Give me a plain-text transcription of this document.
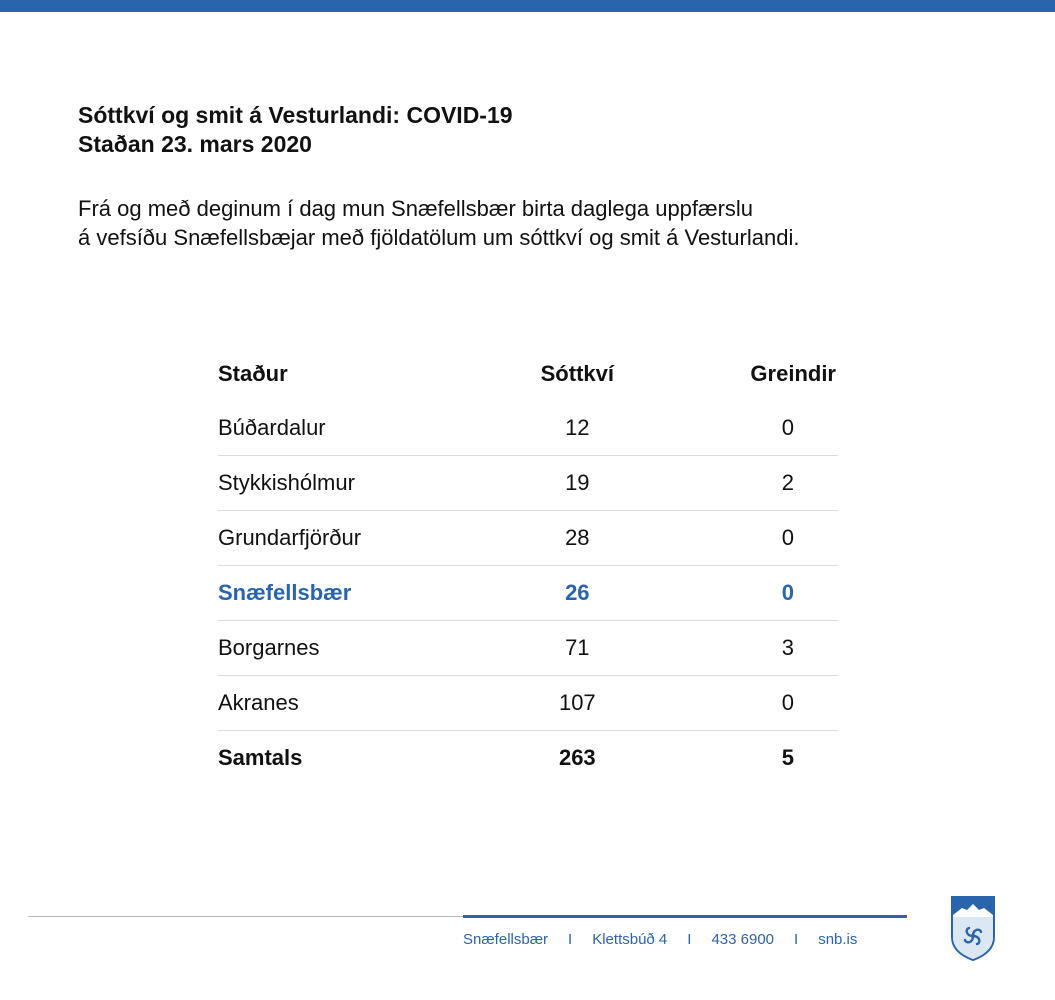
Sóttkví og smit á Vesturlandi: COVID-19
Staðan 23. mars 2020
Frá og með deginum í dag mun Snæfellsbær birta daglega uppfærslu
á vefsíðu Snæfellsbæjar með fjöldatölum um sóttkví og smit á Vesturlandi.
Staður	Sóttkví	Greindir
Búðardalur	12	0
Stykkishólmur	19	2
Grundarfjörður	28	0
Snæfellsbær	26	0
Borgarnes	71	3
Akranes	107	0
Samtals	263	5
Snæfellsbær I Klettsbúð 4 I 433 6900 I snb.is
